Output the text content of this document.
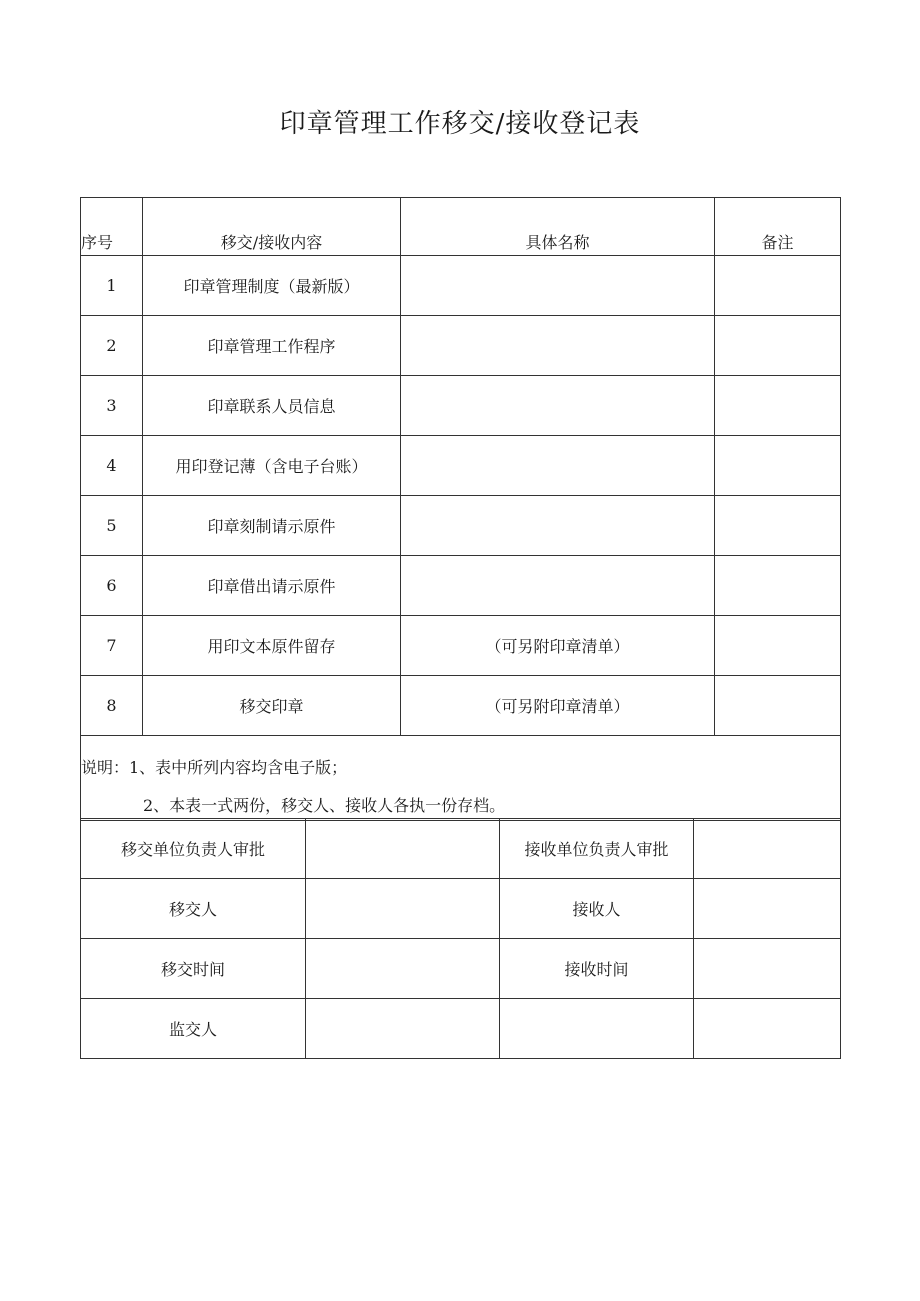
印章管理工作移交/接收登记表
序号	移交/接收内容	具体名称	备注
1	印章管理制度（最新版）		
2	印章管理工作程序		
3	印章联系人员信息		
4	用印登记薄（含电子台账）		
5	印章刻制请示原件		
6	印章借出请示原件		
7	用印文本原件留存	（可另附印章清单）	
8	移交印章	（可另附印章清单）	

说明：1、表中所列内容均含电子版；
2、本表一式两份，移交人、接收人各执一份存档。			
移交单位负责人审批		接收单位负责人审批	
移交人		接收人	
移交时间		接收时间	
监交人			
